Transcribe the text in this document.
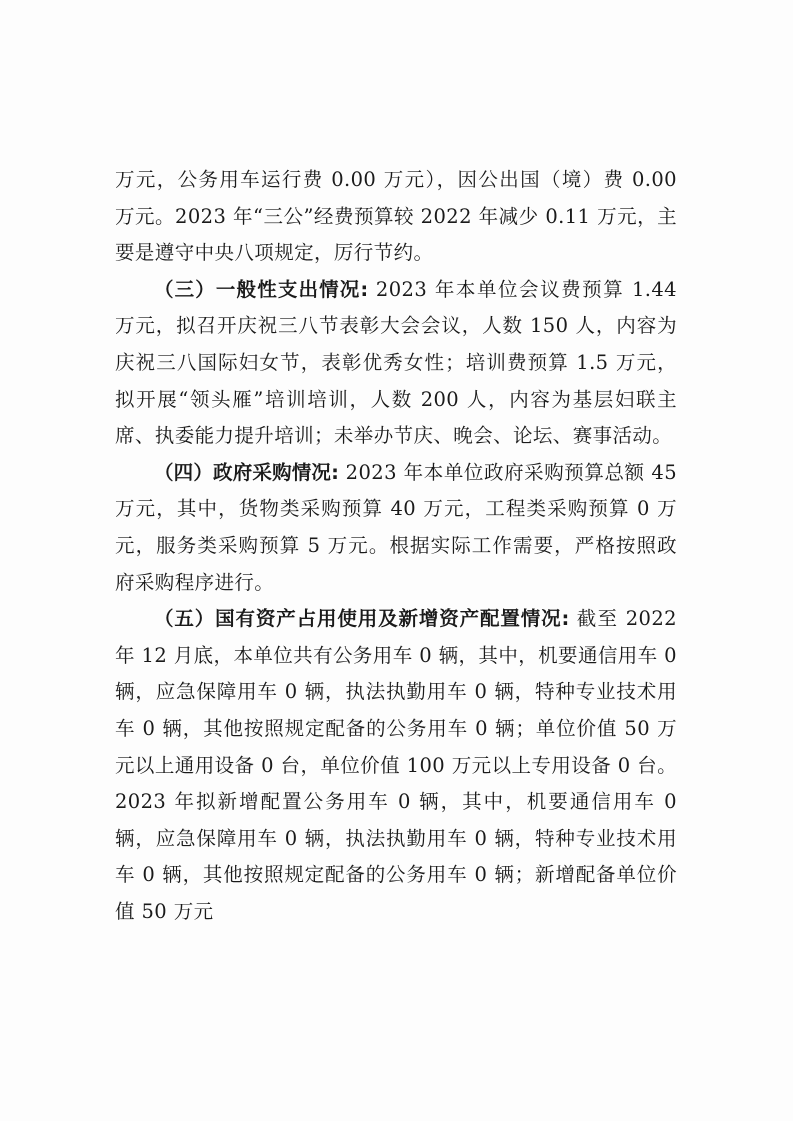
万元，公务用车运行费 0.00 万元），因公出国（境）费 0.00 万元。2023 年“三公”经费预算较 2022 年减少 0.11 万元，主要是遵守中央八项规定，厉行节约。

（三）一般性支出情况: 2023 年本单位会议费预算 1.44 万元，拟召开庆祝三八节表彰大会会议，人数 150 人，内容为庆祝三八国际妇女节，表彰优秀女性；培训费预算 1.5 万元，拟开展“领头雁”培训培训，人数 200 人，内容为基层妇联主席、执委能力提升培训；未举办节庆、晚会、论坛、赛事活动。

（四）政府采购情况: 2023 年本单位政府采购预算总额 45 万元，其中，货物类采购预算 40 万元，工程类采购预算 0 万元，服务类采购预算 5 万元。根据实际工作需要，严格按照政府采购程序进行。

（五）国有资产占用使用及新增资产配置情况: 截至 2022 年 12 月底，本单位共有公务用车 0 辆，其中，机要通信用车 0 辆，应急保障用车 0 辆，执法执勤用车 0 辆，特种专业技术用车 0 辆，其他按照规定配备的公务用车 0 辆；单位价值 50 万元以上通用设备 0 台，单位价值 100 万元以上专用设备 0 台。2023 年拟新增配置公务用车 0 辆，其中，机要通信用车 0 辆，应急保障用车 0 辆，执法执勤用车 0 辆，特种专业技术用车 0 辆，其他按照规定配备的公务用车 0 辆；新增配备单位价值 50 万元
